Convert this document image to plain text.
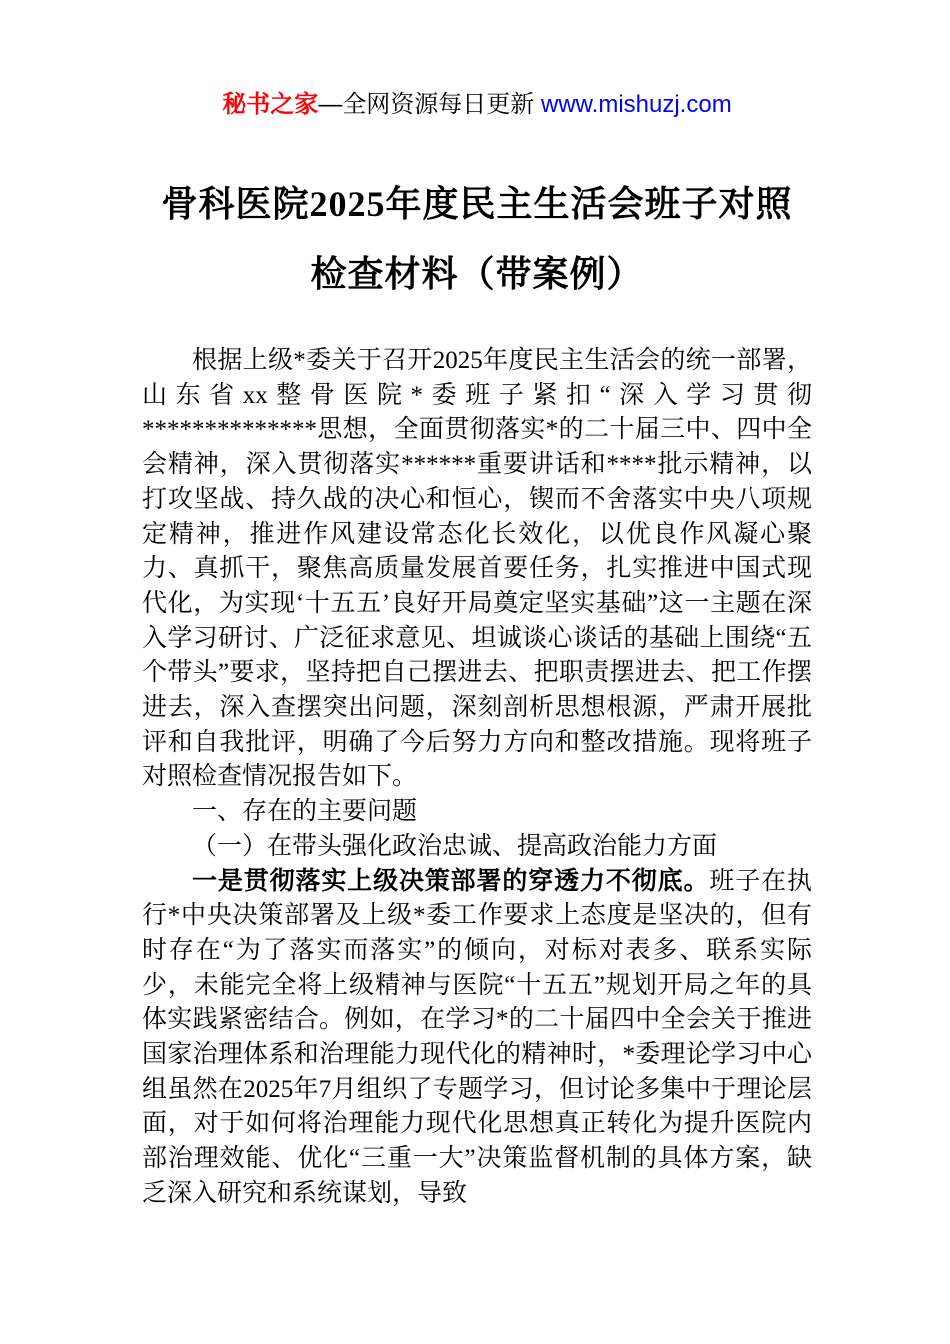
秘书之家—全网资源每日更新 www.mishuzj.com
骨科医院2025年度民主生活会班子对照
检查材料（带案例）

根据上级*委关于召开2025年度民主生活会的统一部署，山东省xx整骨医院*委班子紧扣“深入学习贯彻**************思想，全面贯彻落实*的二十届三中、四中全会精神，深入贯彻落实******重要讲话和****批示精神，以打攻坚战、持久战的决心和恒心，锲而不舍落实中央八项规定精神，推进作风建设常态化长效化，以优良作风凝心聚力、真抓干，聚焦高质量发展首要任务，扎实推进中国式现代化，为实现‘十五五’良好开局奠定坚实基础”这一主题在深入学习研讨、广泛征求意见、坦诚谈心谈话的基础上围绕“五个带头”要求，坚持把自己摆进去、把职责摆进去、把工作摆进去，深入查摆突出问题，深刻剖析思想根源，严肃开展批评和自我批评，明确了今后努力方向和整改措施。现将班子对照检查情况报告如下。

一、存在的主要问题

（一）在带头强化政治忠诚、提高政治能力方面

一是贯彻落实上级决策部署的穿透力不彻底。班子在执行*中央决策部署及上级*委工作要求上态度是坚决的，但有时存在“为了落实而落实”的倾向，对标对表多、联系实际少，未能完全将上级精神与医院“十五五”规划开局之年的具体实践紧密结合。例如，在学习*的二十届四中全会关于推进国家治理体系和治理能力现代化的精神时，*委理论学习中心组虽然在2025年7月组织了专题学习，但讨论多集中于理论层面，对于如何将治理能力现代化思想真正转化为提升医院内部治理效能、优化“三重一大”决策监督机制的具体方案，缺乏深入研究和系统谋划，导致
